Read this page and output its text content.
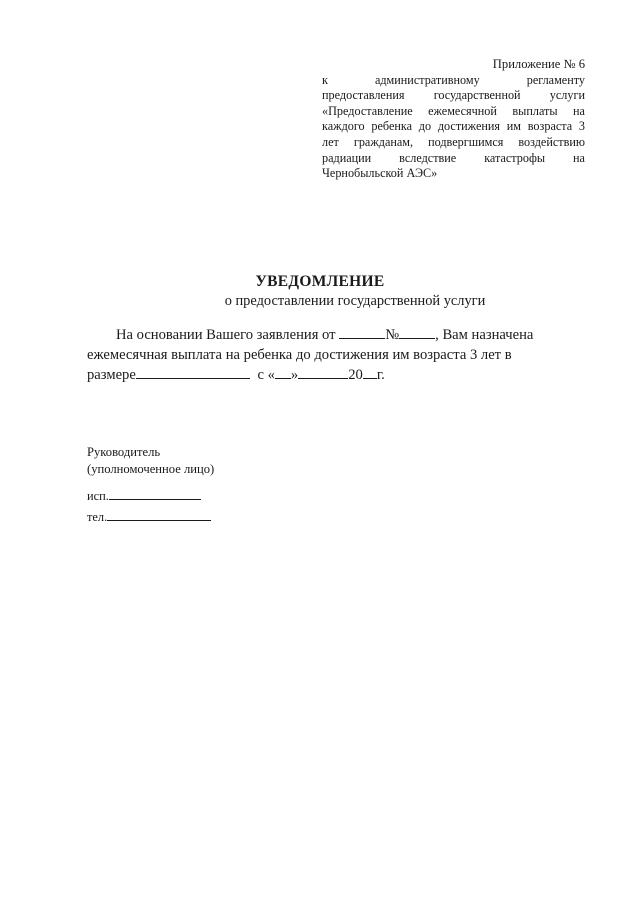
Приложение № 6
к	административному	регламенту
предоставления государственной услуги
«Предоставление ежемесячной выплаты на
каждого ребенка до достижения им возраста 3
лет гражданам, подвергшимся воздействию
радиации вследствие катастрофы на
Чернобыльской АЭС»
УВЕДОМЛЕНИЕ
о предоставлении государственной услуги
На основании Вашего заявления от	№ , Вам назначена
ежемесячная выплата на ребенка до достижения им возраста 3 лет в
размере	с « »	20 г.
Руководитель
(уполномоченное лицо)
исп.
тел.
